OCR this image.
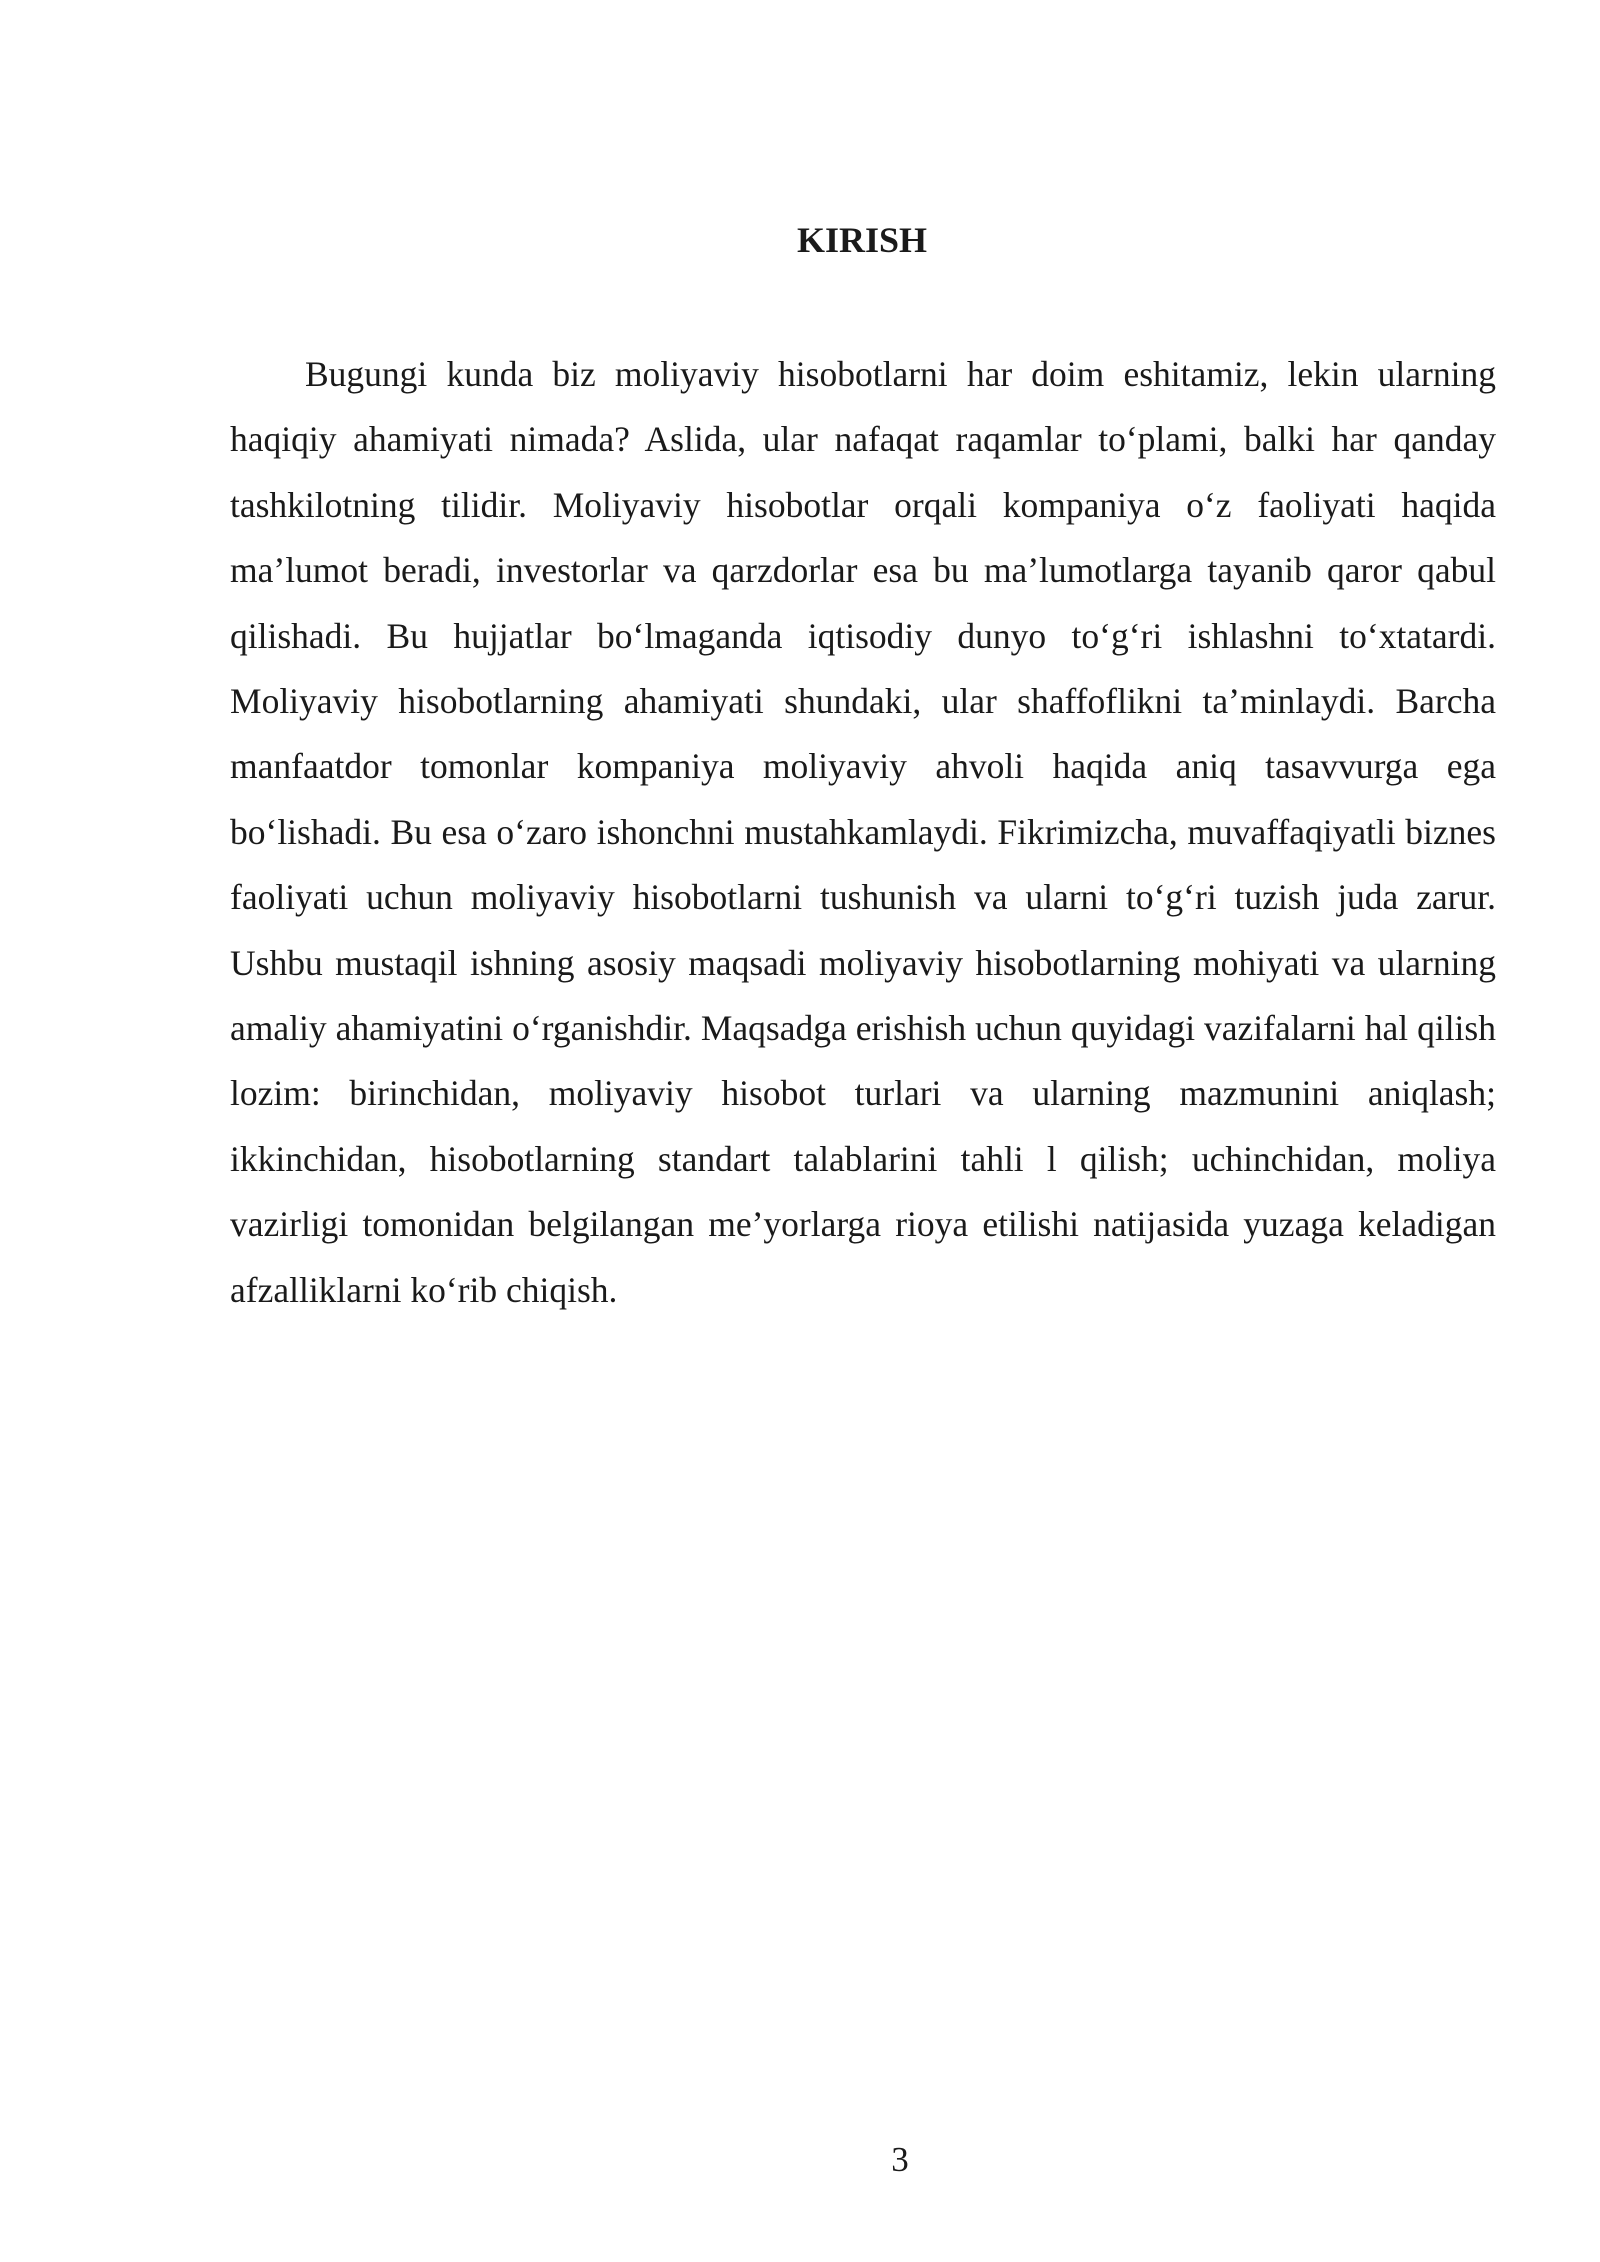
KIRISH

Bugungi kunda biz moliyaviy hisobotlarni har doim eshitamiz, lekin ularning haqiqiy ahamiyati nimada? Aslida, ular nafaqat raqamlar to‘plami, balki har qanday tashkilotning tilidir. Moliyaviy hisobotlar orqali kompaniya o‘z faoliyati haqida ma’lumot beradi, investorlar va qarzdorlar esa bu ma’lumotlarga tayanib qaror qabul qilishadi. Bu hujjatlar bo‘lmaganda iqtisodiy dunyo to‘g‘ri ishlashni to‘xtatardi. Moliyaviy hisobotlarning ahamiyati shundaki, ular shaffoflikni ta’minlaydi. Barcha manfaatdor tomonlar kompaniya moliyaviy ahvoli haqida aniq tasavvurga ega bo‘lishadi. Bu esa o‘zaro ishonchni mustahkamlaydi. Fikrimizcha, muvaffaqiyatli biznes faoliyati uchun moliyaviy hisobotlarni tushunish va ularni to‘g‘ri tuzish juda zarur. Ushbu mustaqil ishning asosiy maqsadi moliyaviy hisobotlarning mohiyati va ularning amaliy ahamiyatini o‘rganishdir. Maqsadga erishish uchun quyidagi vazifalarni hal qilish lozim: birinchidan, moliyaviy hisobot turlari va ularning mazmunini aniqlash; ikkinchidan, hisobotlarning standart talablarini tahli l qilish; uchinchidan, moliya vazirligi tomonidan belgilangan me’yorlarga rioya etilishi natijasida yuzaga keladigan afzalliklarni ko‘rib chiqish.

3
